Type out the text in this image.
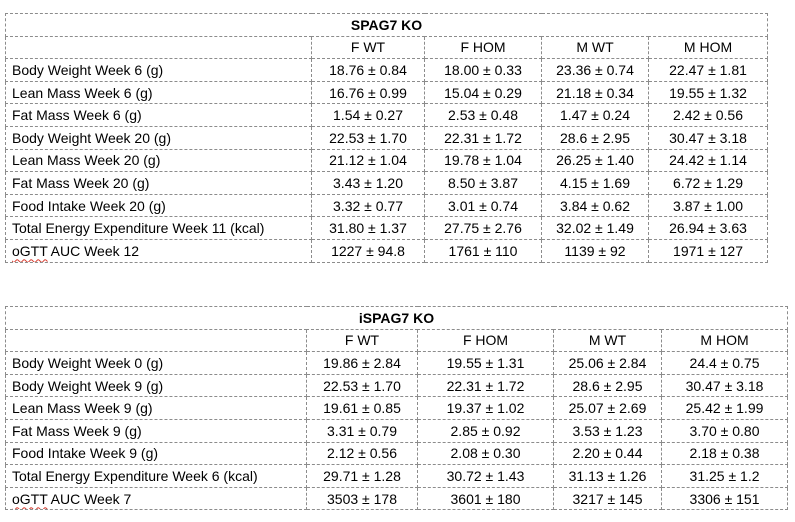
SPAG7 KO				
	F WT	F HOM	M WT	M HOM
Body Weight Week 6 (g)	18.76 ± 0.84	18.00 ± 0.33	23.36 ± 0.74	22.47 ± 1.81
Lean Mass Week 6 (g)	16.76 ± 0.99	15.04 ± 0.29	21.18 ± 0.34	19.55 ± 1.32
Fat Mass Week 6 (g)	1.54 ± 0.27	2.53 ± 0.48	1.47 ± 0.24	2.42 ± 0.56
Body Weight Week 20 (g)	22.53 ± 1.70	22.31 ± 1.72	28.6 ± 2.95	30.47 ± 3.18
Lean Mass Week 20 (g)	21.12 ± 1.04	19.78 ± 1.04	26.25 ± 1.40	24.42 ± 1.14
Fat Mass Week 20 (g)	3.43 ± 1.20	8.50 ± 3.87	4.15 ± 1.69	6.72 ± 1.29
Food Intake Week 20 (g)	3.32 ± 0.77	3.01 ± 0.74	3.84 ± 0.62	3.87 ± 1.00
Total Energy Expenditure Week 11 (kcal)	31.80 ± 1.37	27.75 ± 2.76	32.02 ± 1.49	26.94 ± 3.63
oGTT AUC Week 12	1227 ± 94.8	1761 ± 110	1139 ± 92	1971 ± 127
iSPAG7 KO				
	F WT	F HOM	M WT	M HOM
Body Weight Week 0 (g)	19.86 ± 2.84	19.55 ± 1.31	25.06 ± 2.84	24.4 ± 0.75
Body Weight Week 9 (g)	22.53 ± 1.70	22.31 ± 1.72	28.6 ± 2.95	30.47 ± 3.18
Lean Mass Week 9 (g)	19.61 ± 0.85	19.37 ± 1.02	25.07 ± 2.69	25.42 ± 1.99
Fat Mass Week 9 (g)	3.31 ± 0.79	2.85 ± 0.92	3.53 ± 1.23	3.70 ± 0.80
Food Intake Week 9 (g)	2.12 ± 0.56	2.08 ± 0.30	2.20 ± 0.44	2.18 ± 0.38
Total Energy Expenditure Week 6 (kcal)	29.71 ± 1.28	30.72 ± 1.43	31.13 ± 1.26	31.25 ± 1.2
oGTT AUC Week 7	3503 ± 178	3601 ± 180	3217 ± 145	3306 ± 151
